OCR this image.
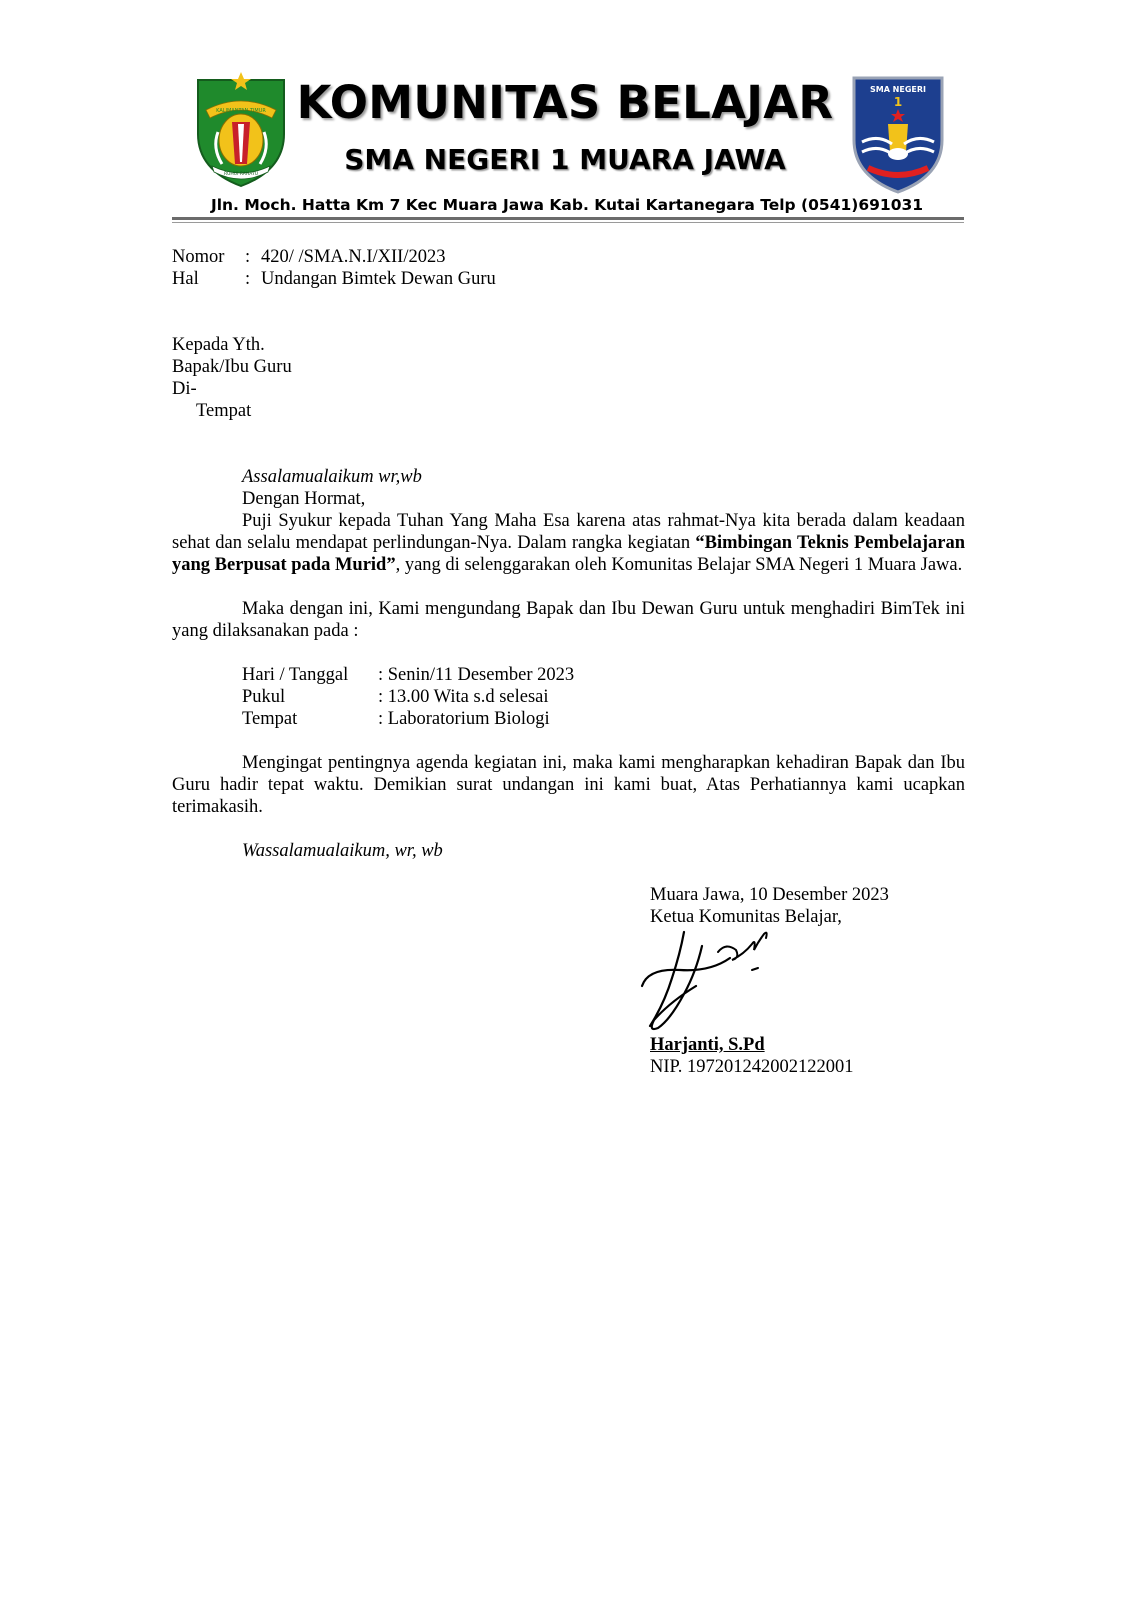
KALIMANTAN TIMUR
RUHUI RAHAYU
KOMUNITAS BELAJAR
SMA NEGERI 1 MUARA JAWA
SMA NEGERI
1
Jln. Moch. Hatta Km 7 Kec Muara Jawa Kab. Kutai Kartanegara Telp (0541)691031
Nomor : 420/ /SMA.N.I/XII/2023
Hal	: Undangan Bimtek Dewan Guru
Kepada Yth.
Bapak/Ibu Guru
Di-
Tempat
Assalamualaikum wr,wb
Dengan Hormat,
Puji Syukur kepada Tuhan Yang Maha Esa karena atas rahmat-Nya kita berada dalam keadaan sehat dan selalu mendapat perlindungan-Nya. Dalam rangka kegiatan “Bimbingan Teknis Pembelajaran yang Berpusat pada Murid”, yang di selenggarakan oleh Komunitas Belajar SMA Negeri 1 Muara Jawa.
Maka dengan ini, Kami mengundang Bapak dan Ibu Dewan Guru untuk menghadiri BimTek ini yang dilaksanakan pada :
Hari / Tanggal : Senin/11 Desember 2023
Pukul	: 13.00 Wita s.d selesai
Tempat	: Laboratorium Biologi
Mengingat pentingnya agenda kegiatan ini, maka kami mengharapkan kehadiran Bapak dan Ibu Guru hadir tepat waktu. Demikian surat undangan ini kami buat, Atas Perhatiannya kami ucapkan terimakasih.
Wassalamualaikum, wr, wb
Muara Jawa, 10 Desember 2023
Ketua Komunitas Belajar,
Harjanti, S.Pd
NIP. 197201242002122001
